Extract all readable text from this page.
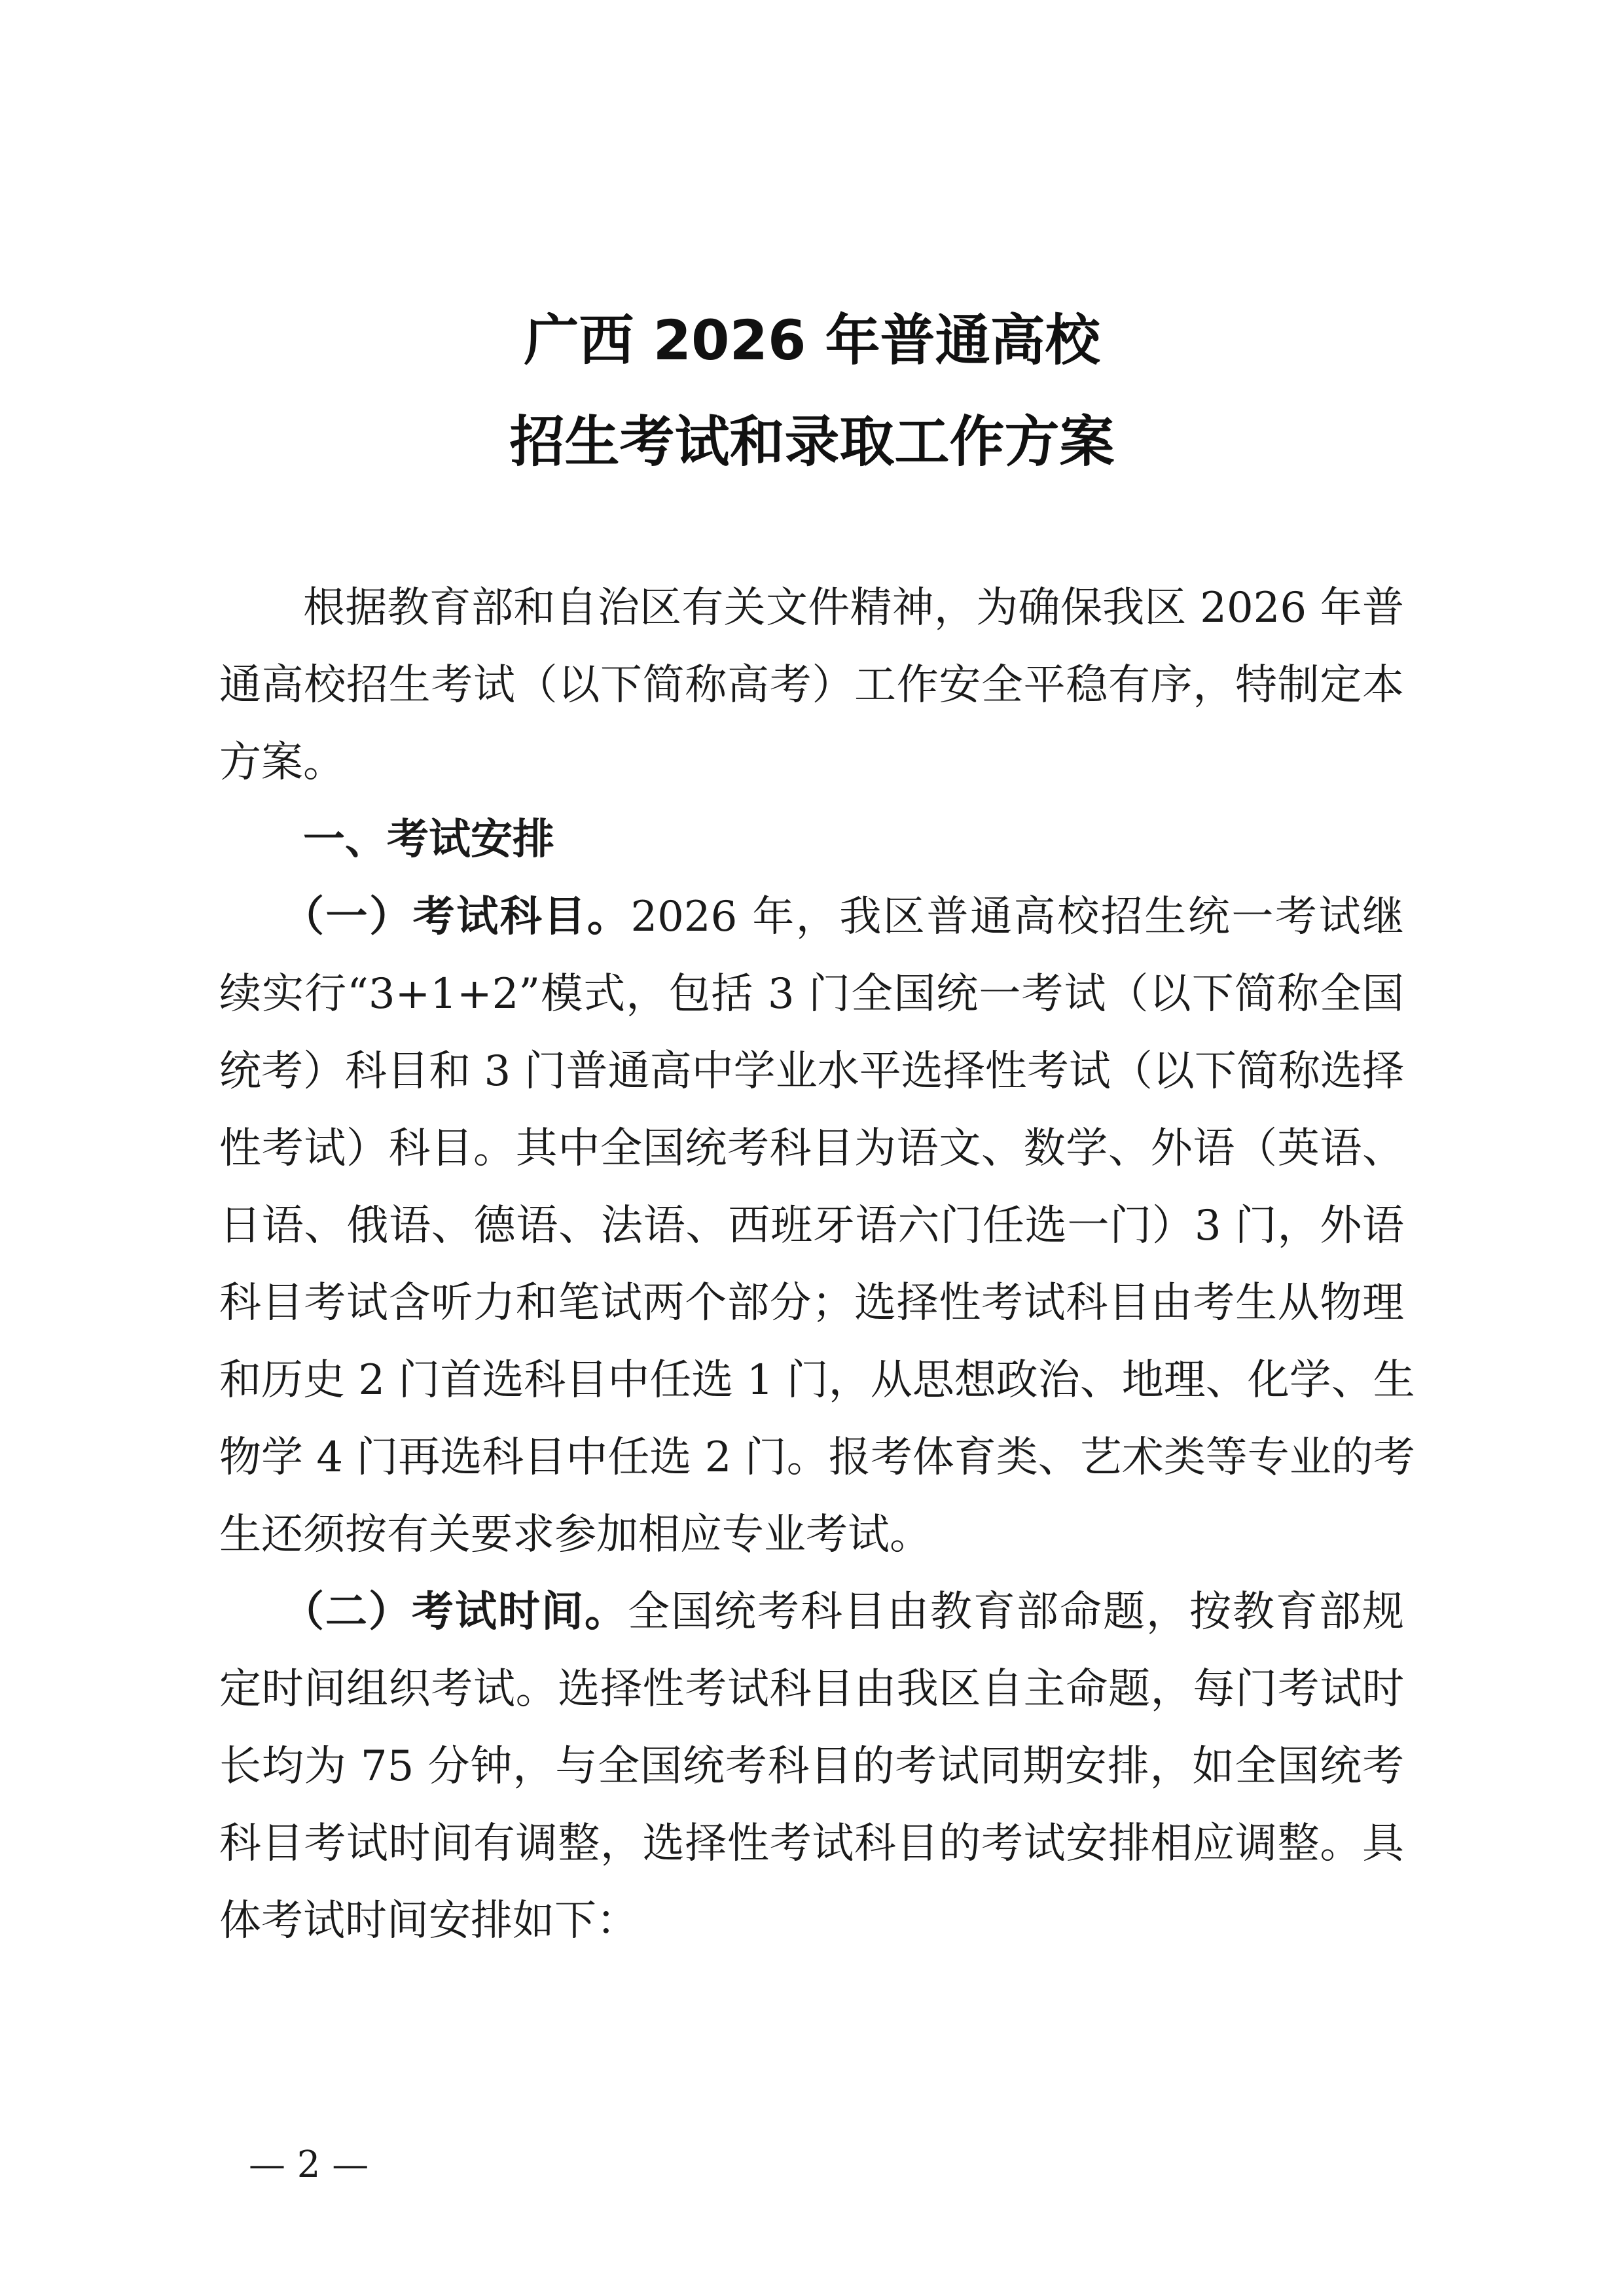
广西 2026 年普通高校
招生考试和录取工作方案
根据教育部和自治区有关文件精神，为确保我区 2026 年普
通高校招生考试（以下简称高考）工作安全平稳有序，特制定本
方案。
一、考试安排
（一）考试科目。2026 年，我区普通高校招生统一考试继
续实行“3+1+2”模式，包括 3 门全国统一考试（以下简称全国
统考）科目和 3 门普通高中学业水平选择性考试（以下简称选择
性考试）科目。其中全国统考科目为语文、数学、外语（英语、
日语、俄语、德语、法语、西班牙语六门任选一门）3 门，外语
科目考试含听力和笔试两个部分；选择性考试科目由考生从物理
和历史 2 门首选科目中任选 1 门，从思想政治、地理、化学、生
物学 4 门再选科目中任选 2 门。报考体育类、艺术类等专业的考
生还须按有关要求参加相应专业考试。
（二）考试时间。全国统考科目由教育部命题，按教育部规
定时间组织考试。选择性考试科目由我区自主命题，每门考试时
长均为 75 分钟，与全国统考科目的考试同期安排，如全国统考
科目考试时间有调整，选择性考试科目的考试安排相应调整。具
体考试时间安排如下：
— 2 —
